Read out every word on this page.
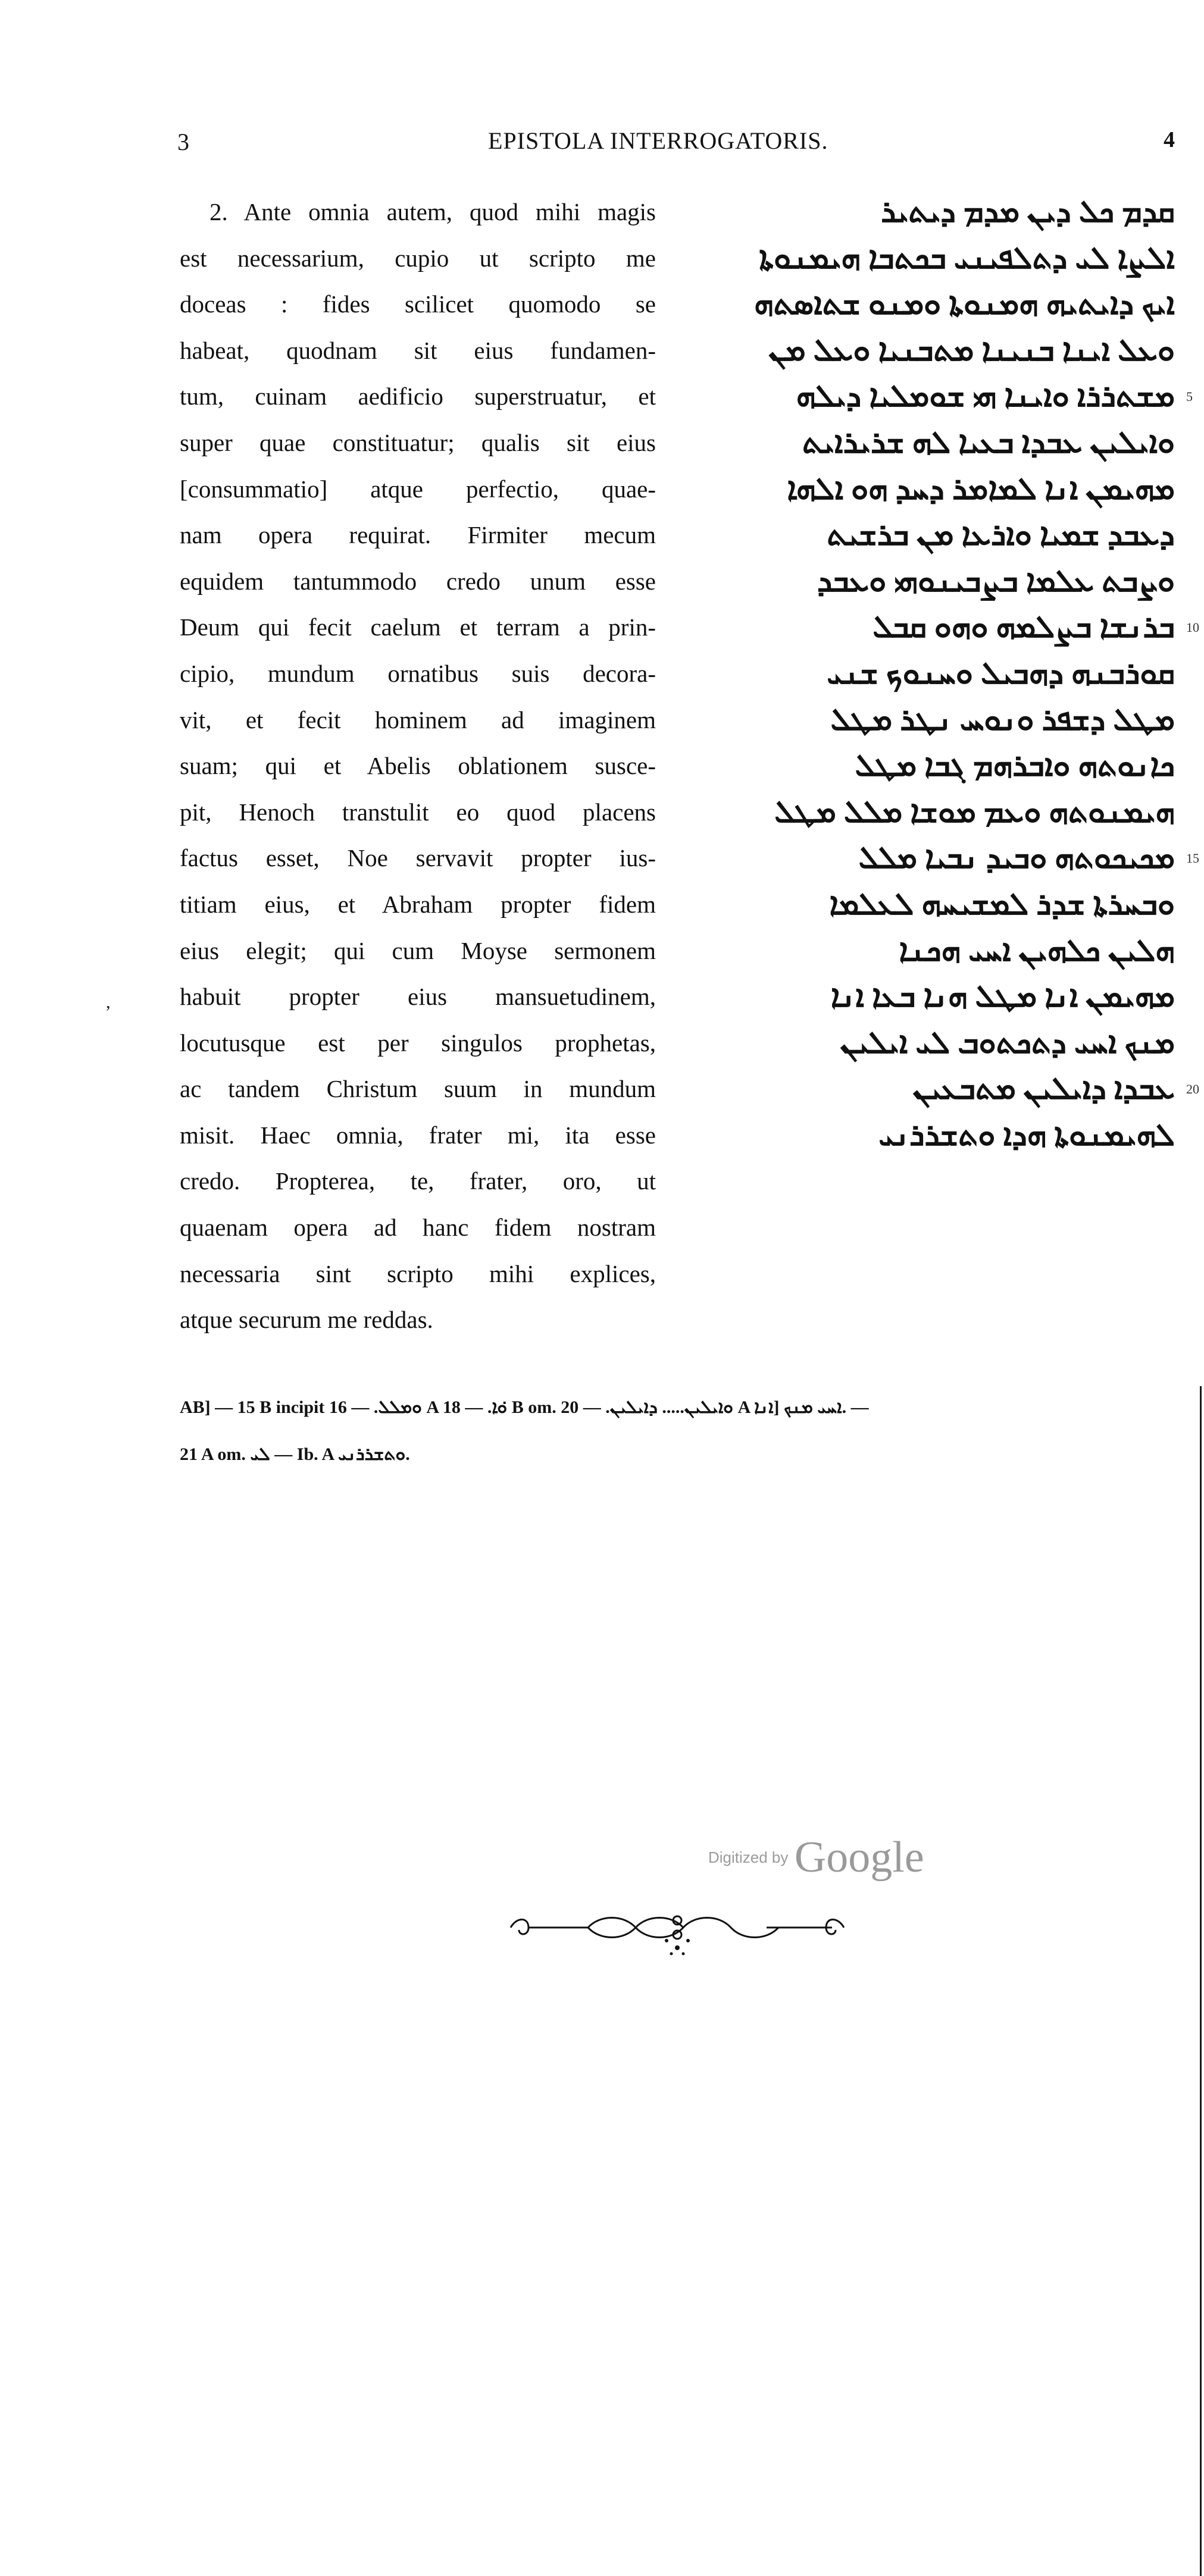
3	EPISTOLA INTERROGATORIS.	4
2. Ante omnia autem, quod mihi magis
est necessarium, cupio ut scripto me
doceas : fides scilicet quomodo se
habeat, quodnam sit eius fundamen-
tum, cuinam aedificio superstruatur, et
super quae constituatur; qualis sit eius
[consummatio] atque perfectio, quae-
nam opera requirat. Firmiter mecum
equidem tantummodo credo unum esse
Deum qui fecit caelum et terram a prin-
cipio, mundum ornatibus suis decora-
vit, et fecit hominem ad imaginem
suam; qui et Abelis oblationem susce-
pit, Henoch transtulit eo quod placens
factus esset, Noe servavit propter ius-
titiam eius, et Abraham propter fidem
eius elegit; qui cum Moyse sermonem
habuit propter eius mansuetudinem,
locutusque est per singulos prophetas,
ac tandem Christum suum in mundum
misit. Haec omnia, frater mi, ita esse
credo. Propterea, te, frater, oro, ut
quaenam opera ad hanc fidem nostram
necessaria sint scripto mihi explices,
atque securum me reddas.
ܩܕܡ ܟܠ ܕܝܢ ܡܕܡ ܕܝܬܝܪ
ܐܠܨܐ ܠܝ ܕܬܠܦܝܢܝ ܒܟܬܒܐ ܗܝܡܢܘܬܐ
ܐܝܟ ܕܐܝܬܝܗ ܗܡܢܘܬܐ ܘܡܢܘ ܫܬܐܣܬܗ
ܘܥܠ ܐܝܢܐ ܒܢܝܢܐ ܡܬܒܢܝܐ ܘܥܠ ܡܢ
ܡܫܬܪܪܐ ܘܐܝܢܐ ܗܝ ܫܘܡܠܝܐ ܕܝܠܗ
ܘܐܝܠܝܢ ܥܒܕܐ ܒܥܝܐ ܠܗ ܫܪܝܪܐܝܬ
ܡܗܝܡܢ ܐܢܐ ܠܡܐܡܪ ܕܚܕ ܗܘ ܐܠܗܐ
ܕܥܒܕ ܫܡܝܐ ܘܐܪܥܐ ܡܢ ܒܪܫܝܬ
ܘܨܒܬ ܥܠܡܐ ܒܨܒܝܢܘܗܝ ܘܥܒܕ
ܒܪܢܫܐ ܒܨܠܡܗ ܘܗܘ ܩܒܠ
ܩܘܪܒܢܗ ܕܗܒܝܠ ܘܚܢܘܟ ܫܢܝ
ܡܛܠ ܕܫܦܪ ܘܢܘܚ ܢܛܪ ܡܛܠ
ܟܐܢܘܬܗ ܘܐܒܪܗܡ ܓܒܐ ܡܛܠ
ܗܝܡܢܘܬܗ ܘܥܡ ܡܘܫܐ ܡܠܠ ܡܛܠ
ܡܟܝܟܘܬܗ ܘܒܝܕ ܢܒܝܐ ܡܠܠ
ܘܒܚܪܬܐ ܫܕܪ ܠܡܫܝܚܗ ܠܥܠܡܐ
ܗܠܝܢ ܟܠܗܝܢ ܐܚܝ ܗܟܢܐ
ܡܗܝܡܢ ܐܢܐ ܡܛܠ ܗܢܐ ܒܥܐ ܐܢܐ
ܡܢܟ ܐܚܝ ܕܬܟܬܘܒ ܠܝ ܐܝܠܝܢ
ܥܒܕܐ ܕܐܝܠܝܢ ܡܬܒܥܝܢ
ܠܗܝܡܢܘܬܐ ܗܕܐ ܘܬܫܪܪܢܝ
5
10
15
20
,
AB] — 15 B incipit ܘܡܠܠ. — 16 A ܘ݁ܐ. — 18 B om. ܘܐܝܠܝܢ..... ܕܐܝܠܝܢ. — 20 A ܐܚܝ ܡܢܟ [ܐܢܐ. —
21 A om. ܠܝ — Ib. A ܘܬܫܪܪܢܝ.
Digitized by Google
